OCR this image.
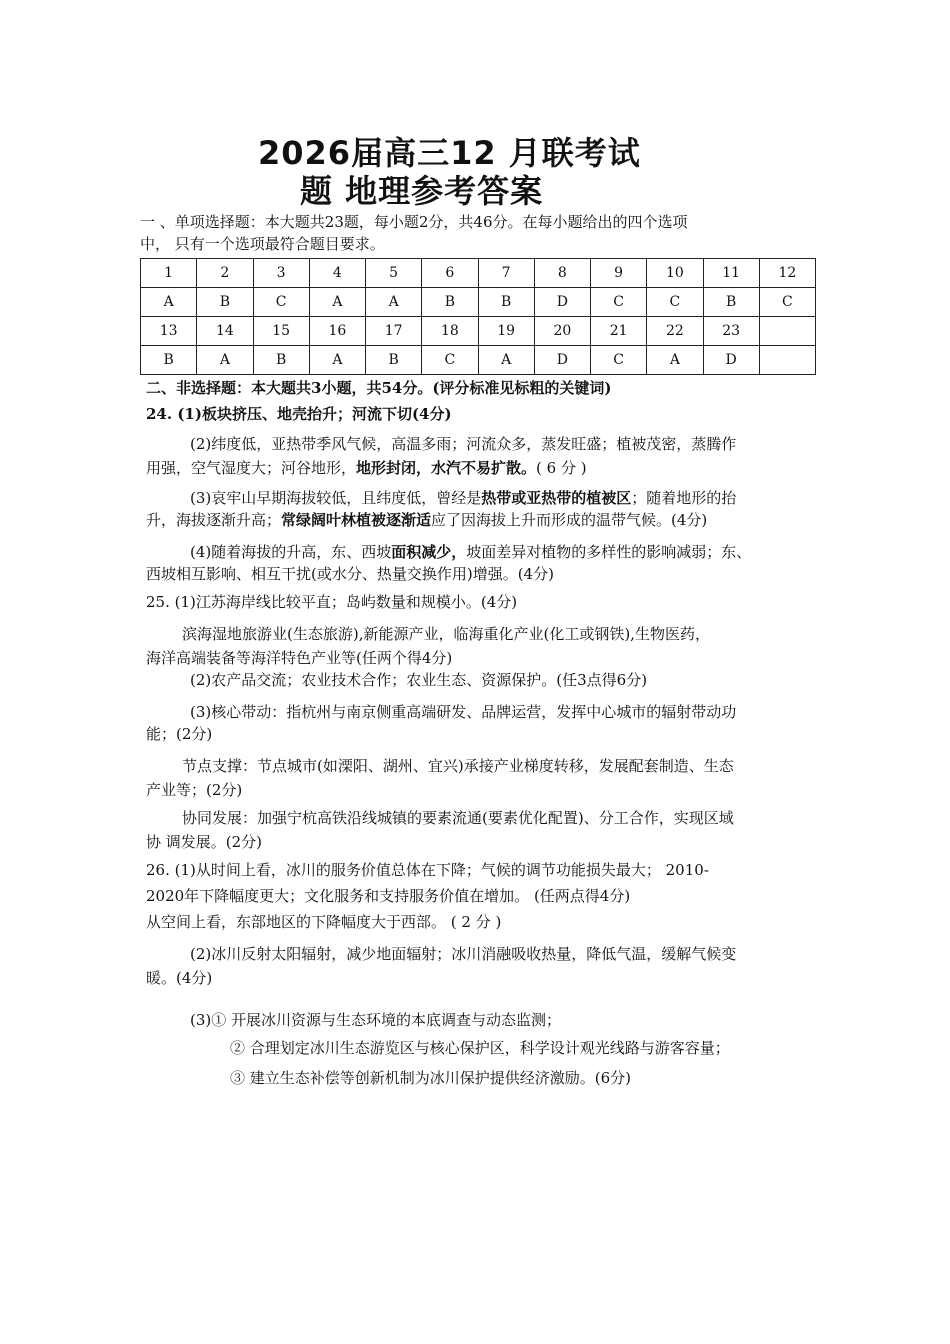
2026届高三12 月联考试
题 地理参考答案
一 、单项选择题：本大题共23题，每小题2分，共46分。在每小题给出的四个选项
中， 只有一个选项最符合题目要求。
1	2	3	4	5	6	7	8	9	10	11	12
A	B	C	A	A	B	B	D	C	C	B	C
13	14	15	16	17	18	19	20	21	22	23	
B	A	B	A	B	C	A	D	C	A	D	
二、非选择题：本大题共3小题，共54分。(评分标准见标粗的关键词)
24. (1)板块挤压、地壳抬升；河流下切(4分)
(2)纬度低，亚热带季风气候，高温多雨；河流众多，蒸发旺盛；植被茂密，蒸腾作
用强，空气湿度大；河谷地形，地形封闭，水汽不易扩散。( 6 分 )
(3)哀牢山早期海拔较低，且纬度低，曾经是热带或亚热带的植被区；随着地形的抬
升，海拔逐渐升高；常绿阔叶林植被逐渐适应了因海拔上升而形成的温带气候。(4分)
(4)随着海拔的升高，东、西坡面积减少，坡面差异对植物的多样性的影响减弱；东、
西坡相互影响、相互干扰(或水分、热量交换作用)增强。(4分)
25. (1)江苏海岸线比较平直；岛屿数量和规模小。(4分)
滨海湿地旅游业(生态旅游),新能源产业，临海重化产业(化工或钢铁),生物医药，
海洋高端装备等海洋特色产业等(任两个得4分)
(2)农产品交流；农业技术合作；农业生态、资源保护。(任3点得6分)
(3)核心带动：指杭州与南京侧重高端研发、品牌运营，发挥中心城市的辐射带动功
能；(2分)
节点支撑：节点城市(如溧阳、湖州、宜兴)承接产业梯度转移，发展配套制造、生态
产业等；(2分)
协同发展：加强宁杭高铁沿线城镇的要素流通(要素优化配置)、分工合作，实现区域
协 调发展。(2分)
26. (1)从时间上看，冰川的服务价值总体在下降；气候的调节功能损失最大； 2010-
2020年下降幅度更大；文化服务和支持服务价值在增加。 (任两点得4分)
从空间上看，东部地区的下降幅度大于西部。 ( 2 分 )
(2)冰川反射太阳辐射，减少地面辐射；冰川消融吸收热量，降低气温，缓解气候变
暖。(4分)
(3)① 开展冰川资源与生态环境的本底调查与动态监测；
② 合理划定冰川生态游览区与核心保护区，科学设计观光线路与游客容量；
③ 建立生态补偿等创新机制为冰川保护提供经济激励。(6分)
